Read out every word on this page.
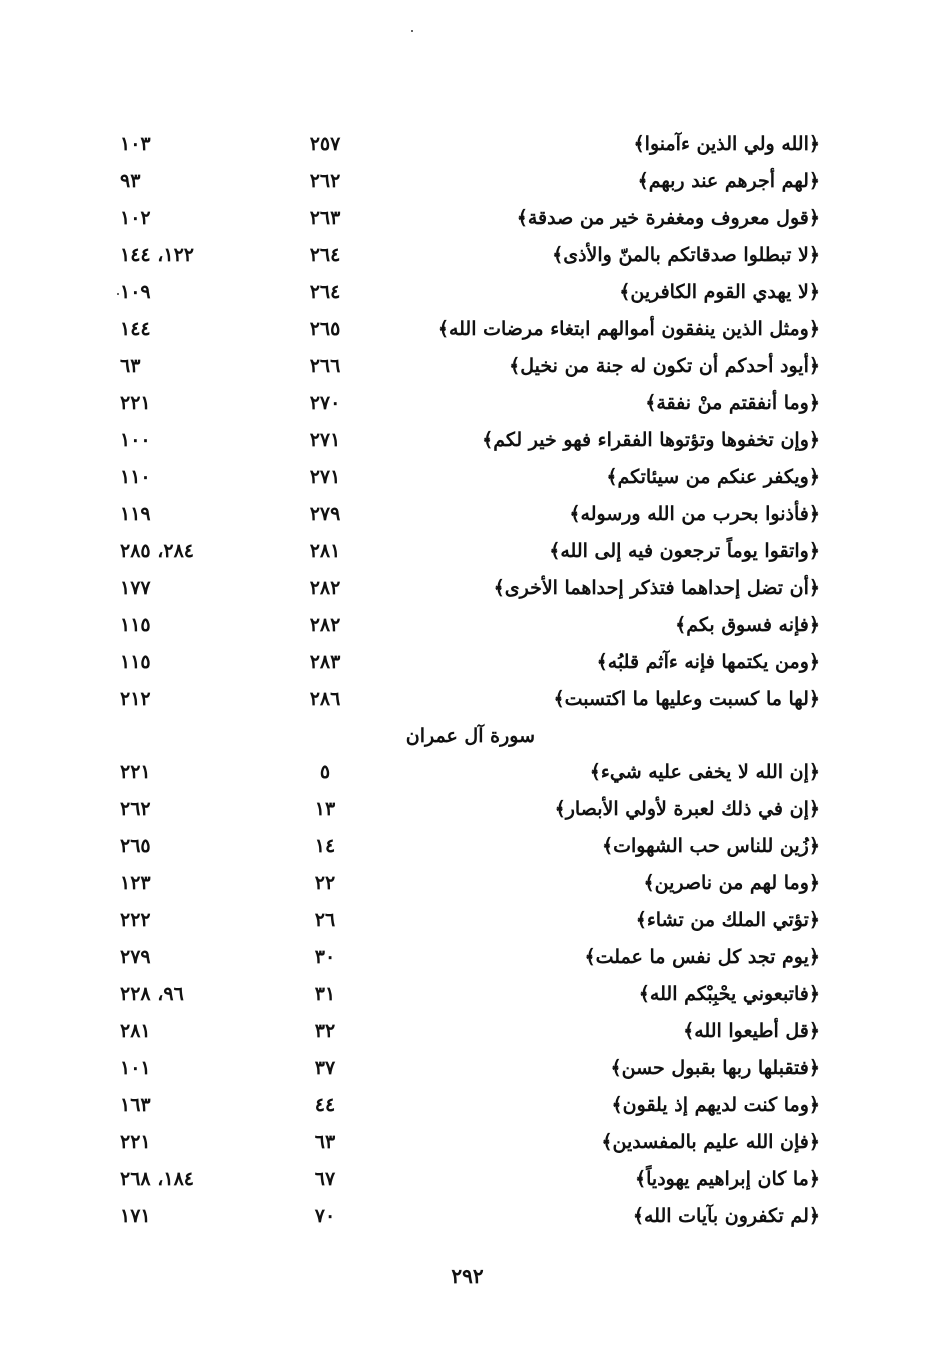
﴿الله ولي الذين ءآمنوا﴾
٢٥٧
١٠٣
﴿لهم أجرهم عند ربهم﴾
٢٦٢
٩٣
﴿قول معروف ومغفرة خير من صدقة﴾
٢٦٣
١٠٢
﴿لا تبطلوا صدقاتكم بالمنّ والأذى﴾
٢٦٤
١٢٢، ١٤٤
﴿لا يهدي القوم الكافرين﴾
٢٦٤
١٠٩
﴿ومثل الذين ينفقون أموالهم ابتغاء مرضات الله﴾
٢٦٥
١٤٤
﴿أيود أحدكم أن تكون له جنة من نخيل﴾
٢٦٦
٦٣
﴿وما أنفقتم منْ نفقة﴾
٢٧٠
٢٢١
﴿وإن تخفوها وتؤتوها الفقراء فهو خير لكم﴾
٢٧١
١٠٠
﴿ويكفر عنكم من سيئاتكم﴾
٢٧١
١١٠
﴿فأذنوا بحرب من الله ورسوله﴾
٢٧٩
١١٩
﴿واتقوا يوماً ترجعون فيه إلى الله﴾
٢٨١
٢٨٤، ٢٨٥
﴿أن تضل إحداهما فتذكر إحداهما الأخرى﴾
٢٨٢
١٧٧
﴿فإنه فسوق بكم﴾
٢٨٢
١١٥
﴿ومن يكتمها فإنه ءآثم قلبُه﴾
٢٨٣
١١٥
﴿لها ما كسبت وعليها ما اكتسبت﴾
٢٨٦
٢١٢
سورة آل عمران
﴿إن الله لا يخفى عليه شيء﴾
٥
٢٢١
﴿إن في ذلك لعبرة لأولي الأبصار﴾
١٣
٢٦٢
﴿زُين للناس حب الشهوات﴾
١٤
٢٦٥
﴿وما لهم من ناصرين﴾
٢٢
١٢٣
﴿تؤتي الملك من تشاء﴾
٢٦
٢٢٢
﴿يوم تجد كل نفس ما عملت﴾
٣٠
٢٧٩
﴿فاتبعوني يحْبِبْكم الله﴾
٣١
٩٦، ٢٢٨
﴿قل أطيعوا الله﴾
٣٢
٢٨١
﴿فتقبلها ربها بقبول حسن﴾
٣٧
١٠١
﴿وما كنت لديهم إذ يلقون﴾
٤٤
١٦٣
﴿فإن الله عليم بالمفسدين﴾
٦٣
٢٢١
﴿ما كان إبراهيم يهودياً﴾
٦٧
١٨٤، ٢٦٨
﴿لم تكفرون بآيات الله﴾
٧٠
١٧١
٢٩٢
